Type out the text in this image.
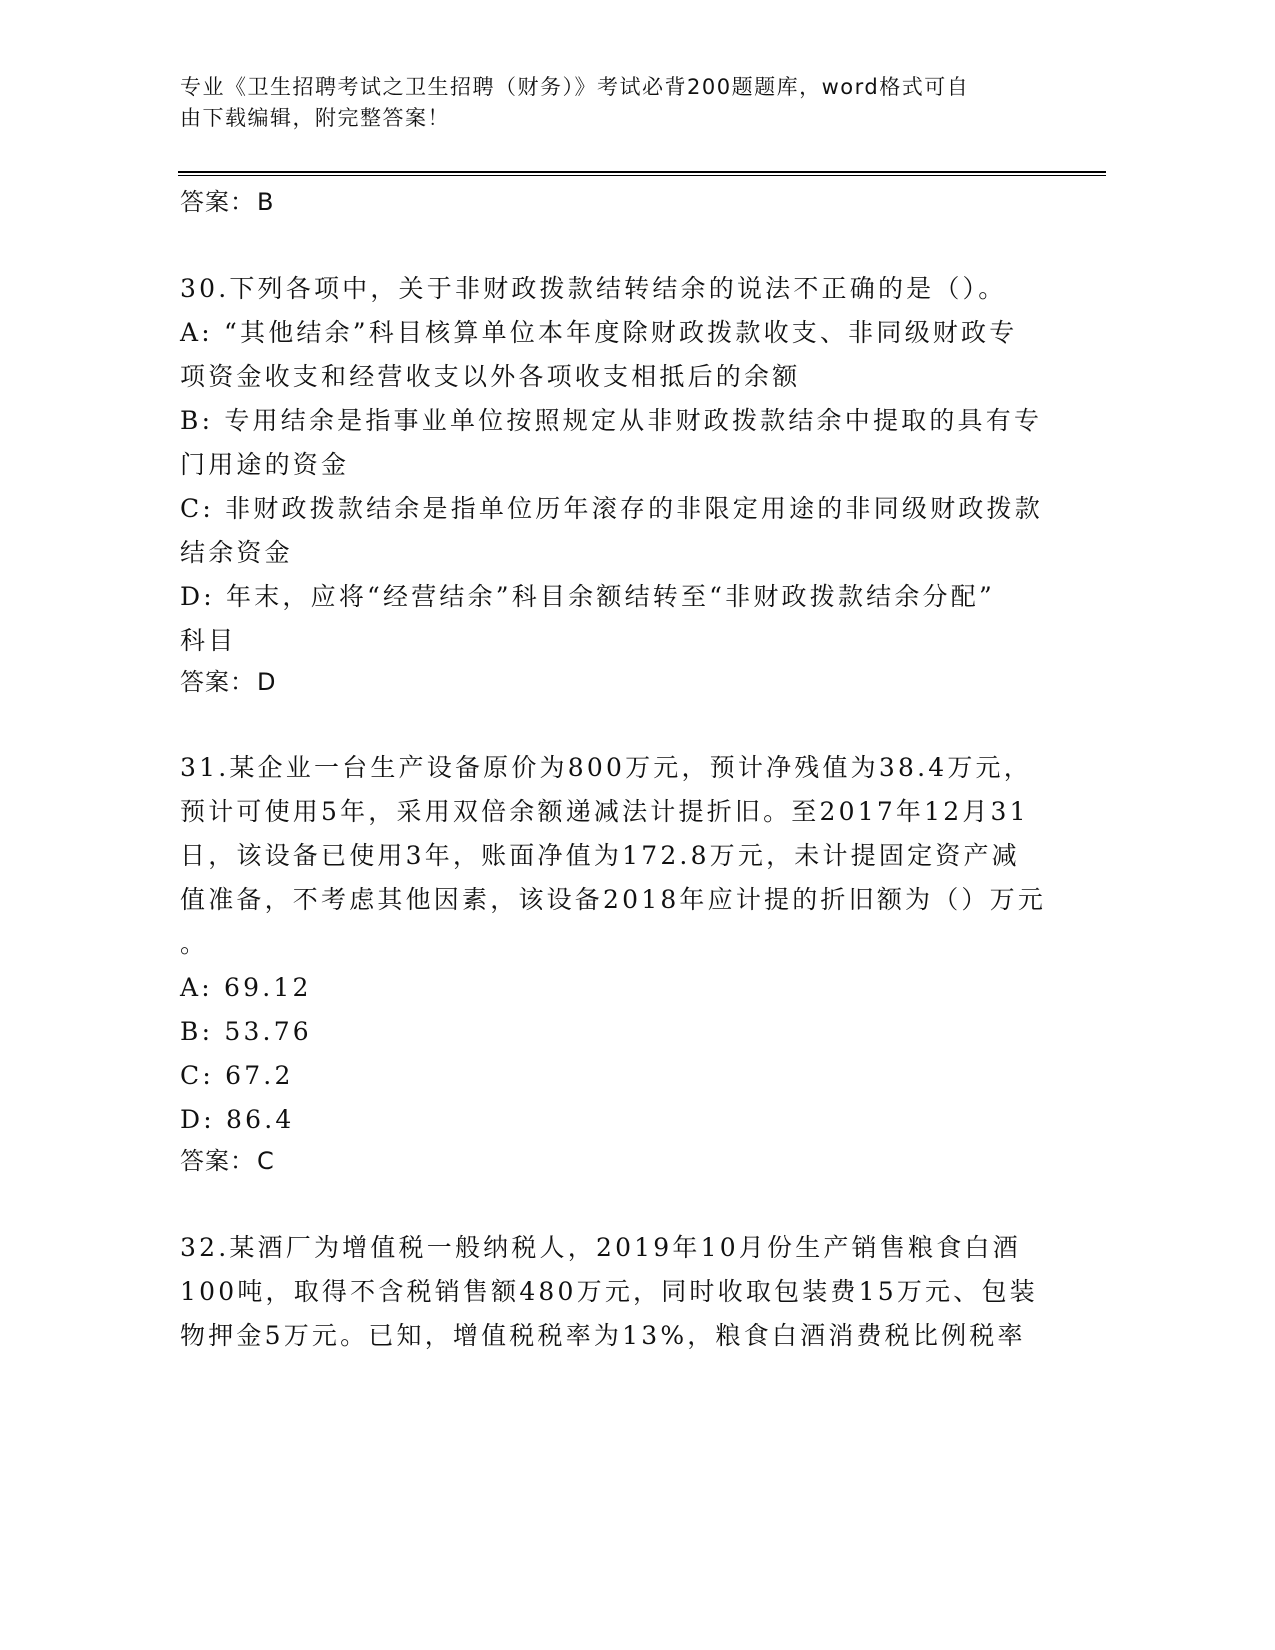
专业《卫生招聘考试之卫生招聘（财务）》考试必背200题题库，word格式可自
由下载编辑，附完整答案！
答案：B
30.下列各项中，关于非财政拨款结转结余的说法不正确的是（）。
A: “其他结余”科目核算单位本年度除财政拨款收支、非同级财政专
项资金收支和经营收支以外各项收支相抵后的余额
B: 专用结余是指事业单位按照规定从非财政拨款结余中提取的具有专
门用途的资金
C: 非财政拨款结余是指单位历年滚存的非限定用途的非同级财政拨款
结余资金
D: 年末，应将“经营结余”科目余额结转至“非财政拨款结余分配”
科目
答案：D
31.某企业一台生产设备原价为800万元，预计净残值为38.4万元，
预计可使用5年，采用双倍余额递减法计提折旧。至2017年12月31
日，该设备已使用3年，账面净值为172.8万元，未计提固定资产减
值准备，不考虑其他因素，该设备2018年应计提的折旧额为（）万元
。
A: 69.12
B: 53.76
C: 67.2
D: 86.4
答案：C
32.某酒厂为增值税一般纳税人，2019年10月份生产销售粮食白酒
100吨，取得不含税销售额480万元，同时收取包装费15万元、包装
物押金5万元。已知，增值税税率为13%，粮食白酒消费税比例税率
